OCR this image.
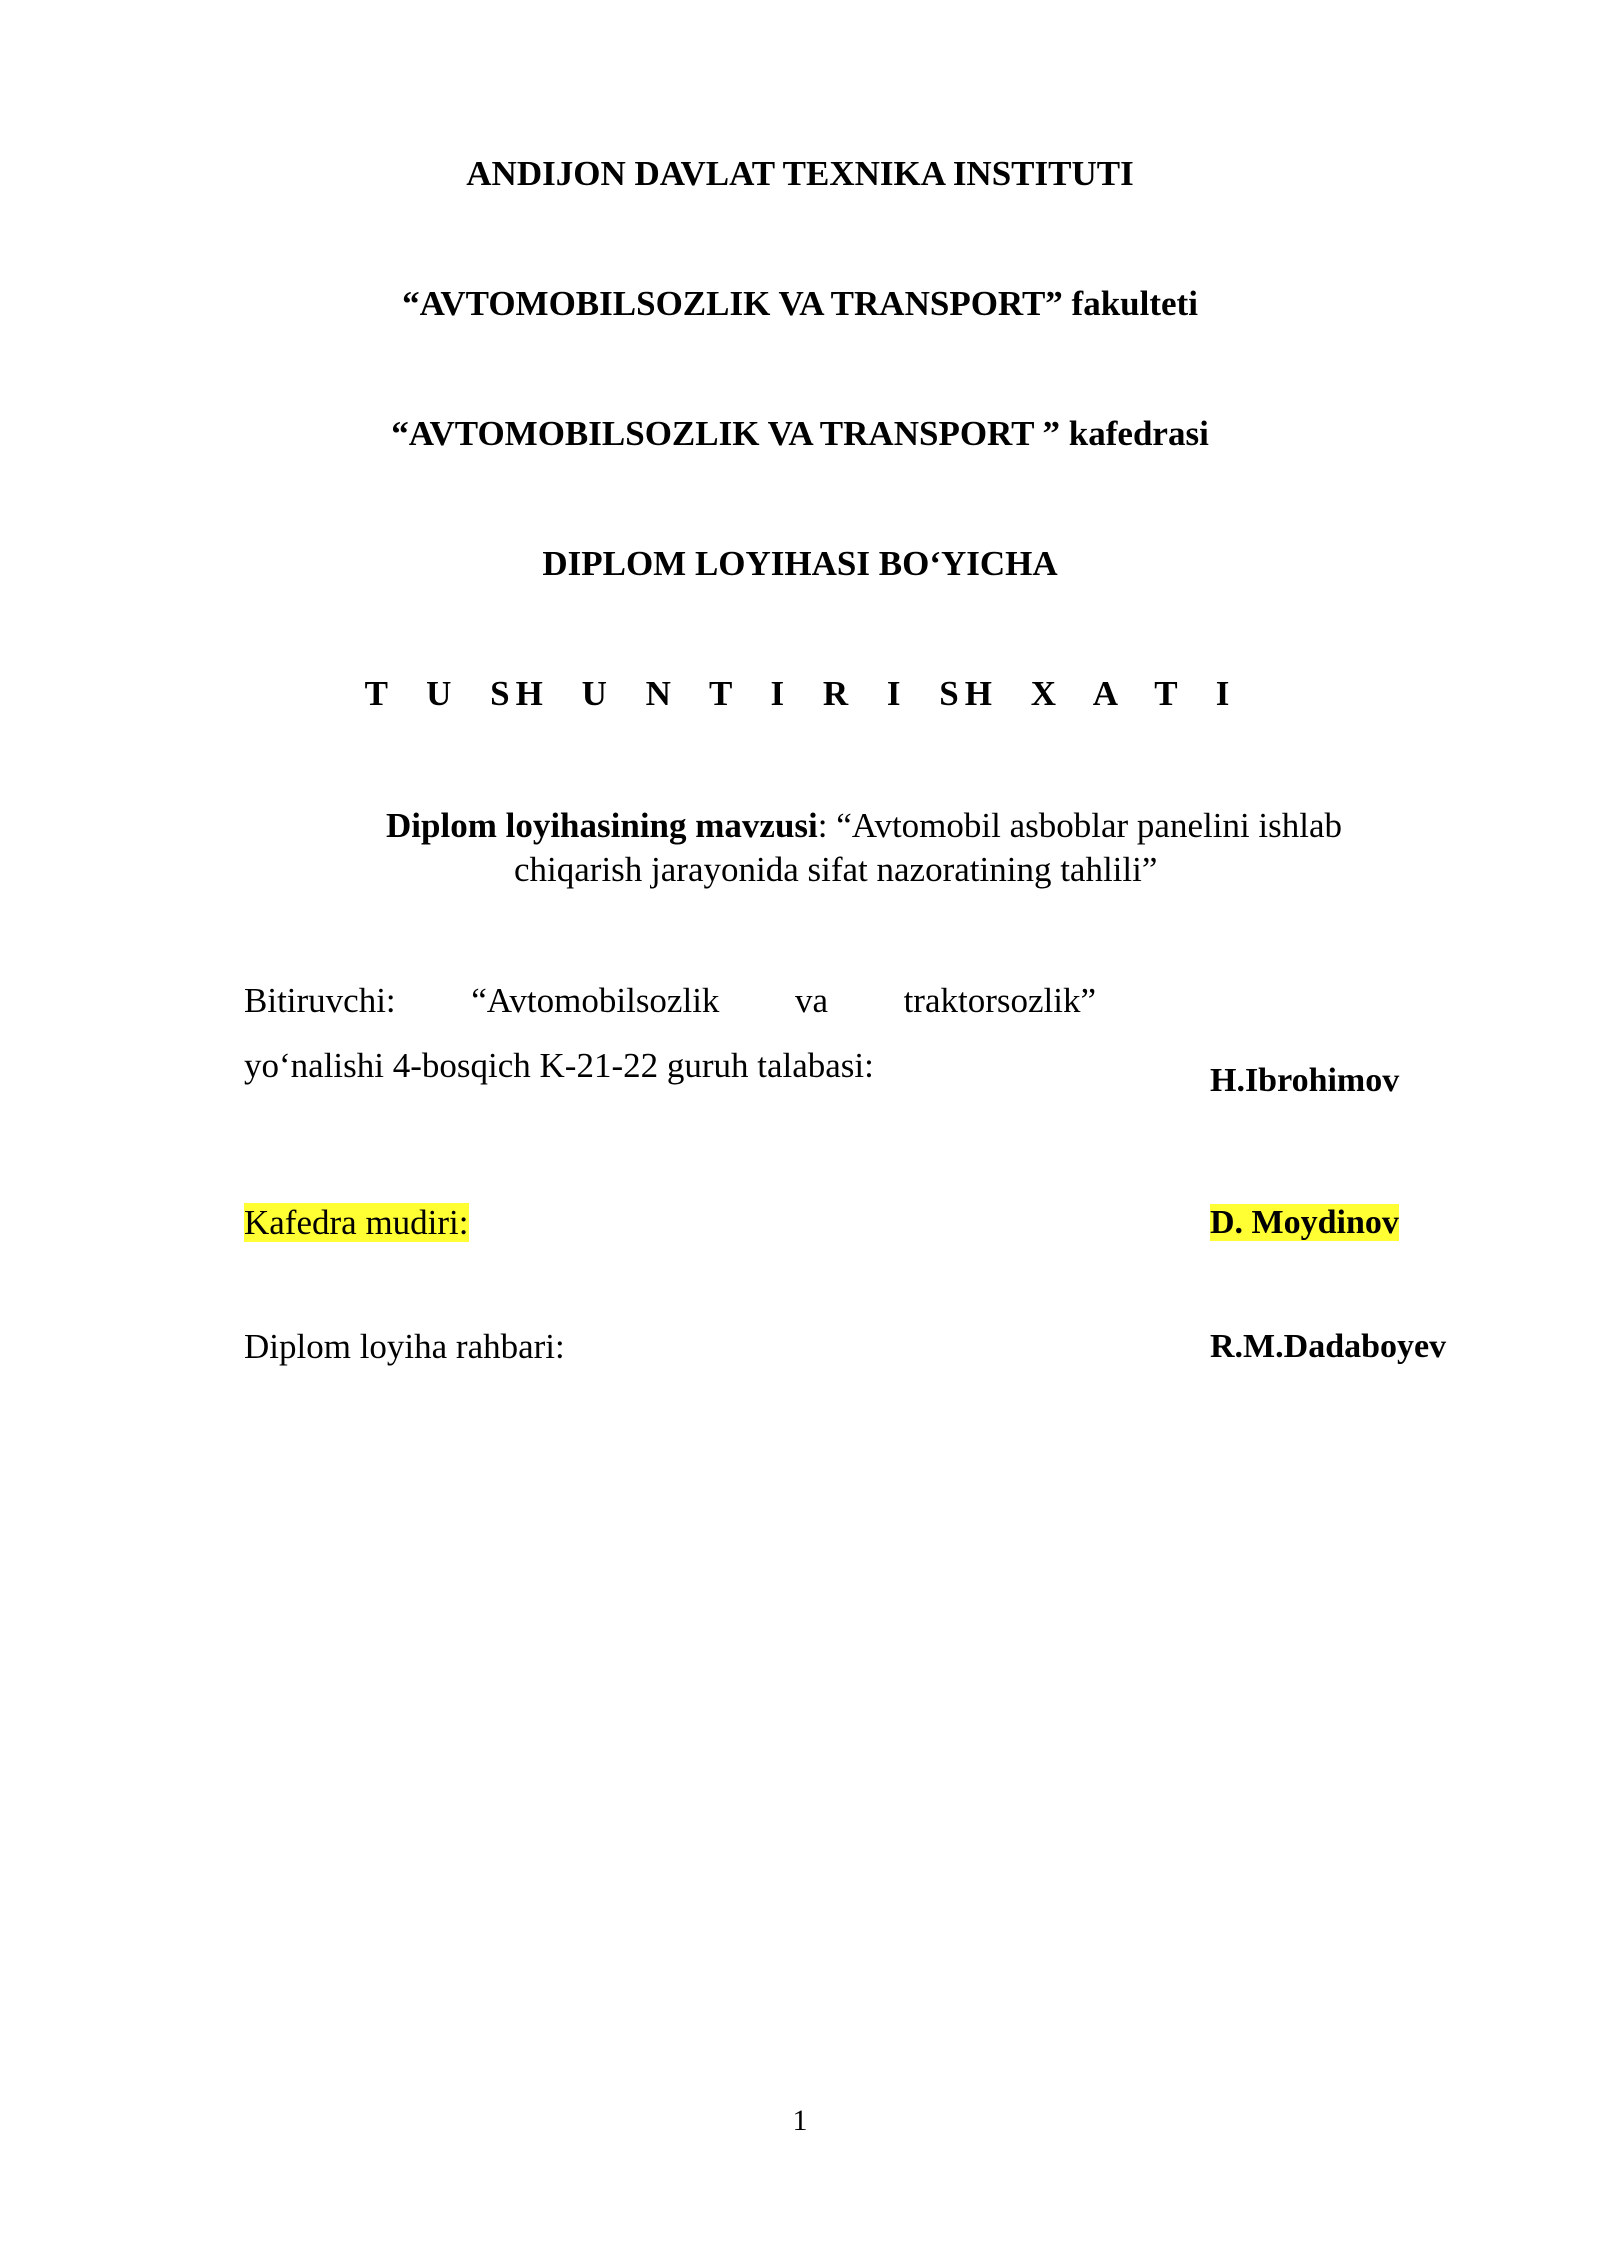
ANDIJON DAVLAT TEXNIKA INSTITUTI
“AVTOMOBILSOZLIK VA TRANSPORT” fakulteti
“AVTOMOBILSOZLIK VA TRANSPORT ” kafedrasi
DIPLOM LOYIHASI BO‘YICHA
T U SH U N T I R I SH X A T I
Diplom loyihasining mavzusi: “Avtomobil asboblar panelini ishlab
chiqarish jarayonida sifat nazoratining tahlili”
Bitiruvchi: “Avtomobilsozlik va traktorsozlik”
yo‘nalishi 4-bosqich K-21-22 guruh talabasi:	H.Ibrohimov
Kafedra mudiri:	D. Moydinov
Diplom loyiha rahbari:	R.M.Dadaboyev
1
